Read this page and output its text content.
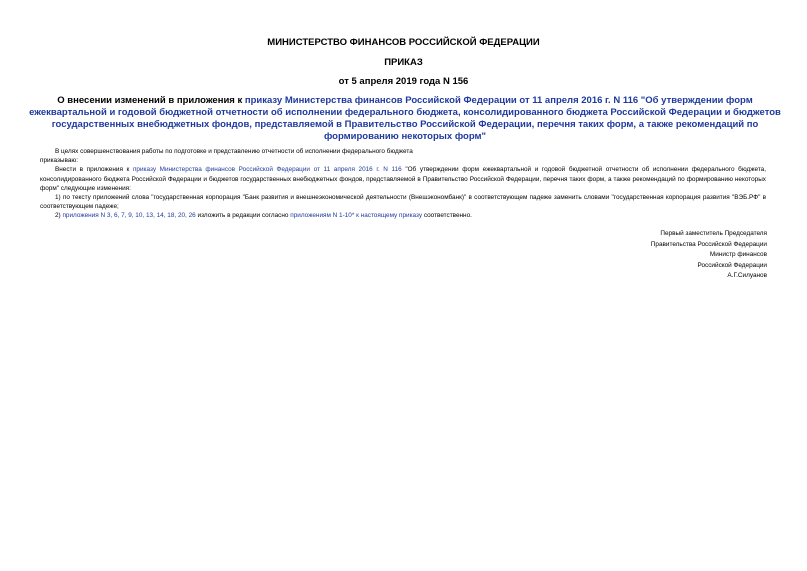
МИНИСТЕРСТВО ФИНАНСОВ РОССИЙСКОЙ ФЕДЕРАЦИИ
ПРИКАЗ
от 5 апреля 2019 года N 156
О внесении изменений в приложения к приказу Министерства финансов Российской Федерации от 11 апреля 2016 г. N 116 "Об утверждении форм ежеквартальной и годовой бюджетной отчетности об исполнении федерального бюджета, консолидированного бюджета Российской Федерации и бюджетов государственных внебюджетных фондов, представляемой в Правительство Российской Федерации, перечня таких форм, а также рекомендаций по формированию некоторых форм"

В целях совершенствования работы по подготовке и представлению отчетности об исполнении федерального бюджета

приказываю:

Внести в приложения к приказу Министерства финансов Российской Федерации от 11 апреля 2016 г. N 116 "Об утверждении форм ежеквартальной и годовой бюджетной отчетности об исполнении федерального бюджета, консолидированного бюджета Российской Федерации и бюджетов государственных внебюджетных фондов, представляемой в Правительство Российской Федерации, перечня таких форм, а также рекомендаций по формированию некоторых форм" следующие изменения:

1) по тексту приложений слова "государственная корпорация "Банк развития и внешнеэкономической деятельности (Внешэкономбанк)" в соответствующем падеже заменить словами "государственная корпорация развития "ВЭБ.РФ" в соответствующем падеже;

2) приложения N 3, 6, 7, 9, 10, 13, 14, 18, 20, 26 изложить в редакции согласно приложениям N 1-10* к настоящему приказу соответственно.

Первый заместитель Председателя
Правительства Российской Федерации
Министр финансов
Российской Федерации
А.Г.Силуанов
